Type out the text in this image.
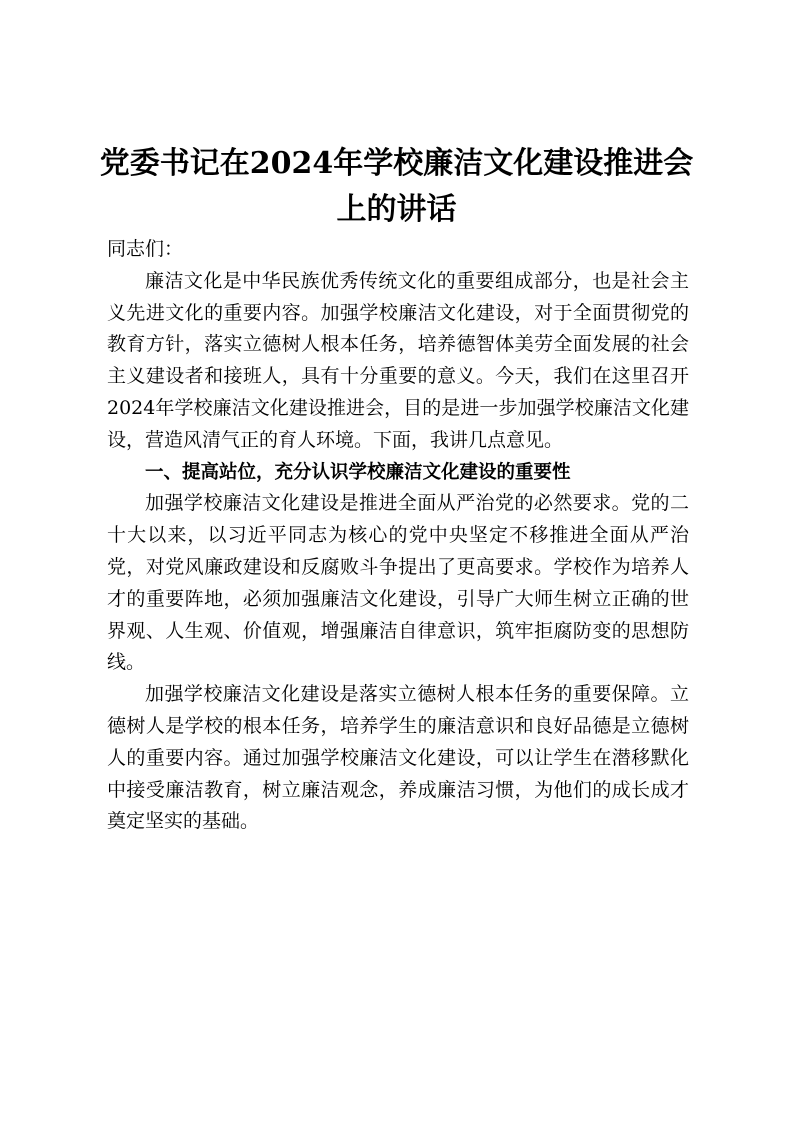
党委书记在2024年学校廉洁文化建设推进会
上的讲话

同志们：

廉洁文化是中华民族优秀传统文化的重要组成部分，也是社会主义先进文化的重要内容。加强学校廉洁文化建设，对于全面贯彻党的教育方针，落实立德树人根本任务，培养德智体美劳全面发展的社会主义建设者和接班人，具有十分重要的意义。今天，我们在这里召开2024年学校廉洁文化建设推进会，目的是进一步加强学校廉洁文化建设，营造风清气正的育人环境。下面，我讲几点意见。

一、提高站位，充分认识学校廉洁文化建设的重要性

加强学校廉洁文化建设是推进全面从严治党的必然要求。党的二十大以来，以习近平同志为核心的党中央坚定不移推进全面从严治党，对党风廉政建设和反腐败斗争提出了更高要求。学校作为培养人才的重要阵地，必须加强廉洁文化建设，引导广大师生树立正确的世界观、人生观、价值观，增强廉洁自律意识，筑牢拒腐防变的思想防线。

加强学校廉洁文化建设是落实立德树人根本任务的重要保障。立德树人是学校的根本任务，培养学生的廉洁意识和良好品德是立德树人的重要内容。通过加强学校廉洁文化建设，可以让学生在潜移默化中接受廉洁教育，树立廉洁观念，养成廉洁习惯，为他们的成长成才奠定坚实的基础。
